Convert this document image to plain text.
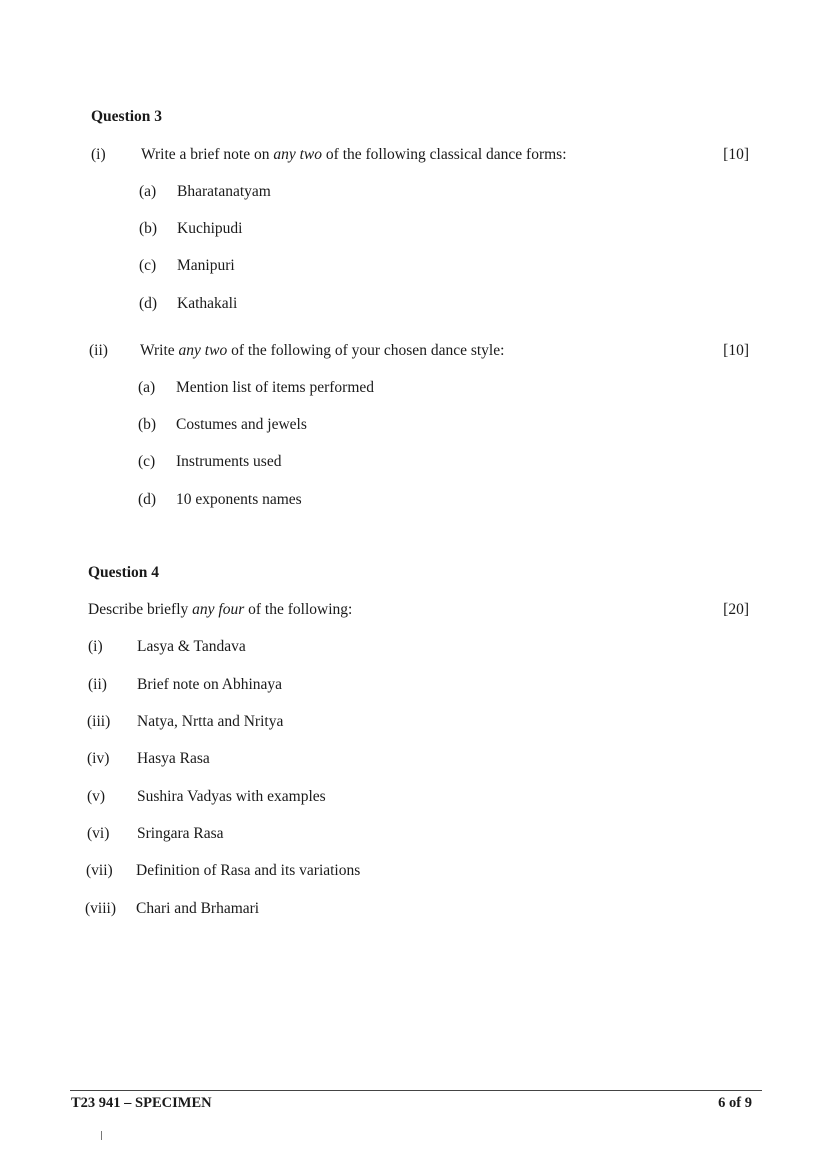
Question 3
(i) Write a brief note on any two of the following classical dance forms:	[10]
(a) Bharatanatyam
(b) Kuchipudi
(c) Manipuri
(d) Kathakali
(ii) Write any two of the following of your chosen dance style:	[10]
(a) Mention list of items performed
(b) Costumes and jewels
(c) Instruments used
(d) 10 exponents names
Question 4
Describe briefly any four of the following:	[20]
(i) Lasya & Tandava
(ii) Brief note on Abhinaya
(iii) Natya, Nrtta and Nritya
(iv) Hasya Rasa
(v) Sushira Vadyas with examples
(vi) Sringara Rasa
(vii) Definition of Rasa and its variations
(viii) Chari and Brhamari
T23 941 – SPECIMEN	6 of 9
